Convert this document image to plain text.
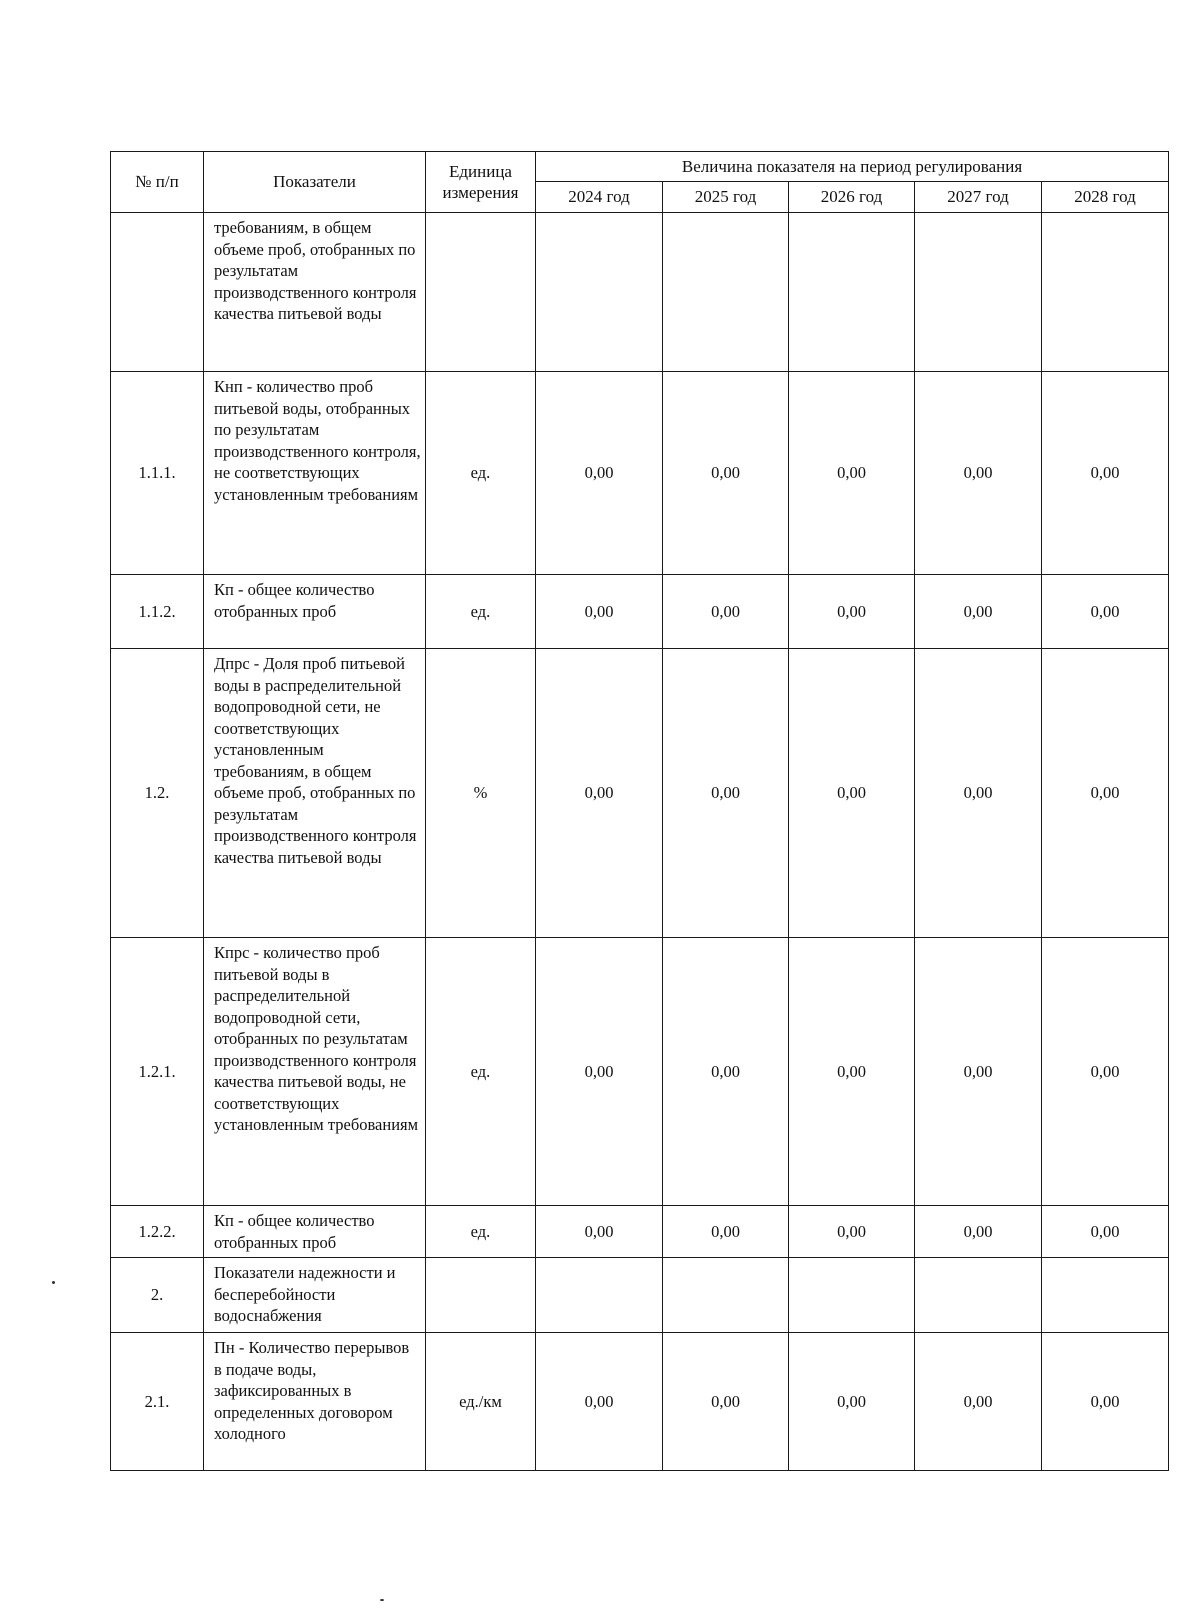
№ п/п	Показатели	Единица измерения	Величина показателя на период регулирования				
			2024 год	2025 год	2026 год	2027 год	2028 год
	требованиям, в общем объеме проб, отобранных по результатам производственного контроля качества питьевой воды						
1.1.1.	Кнп - количество проб питьевой воды, отобранных по результатам производственного контроля, не соответствующих установленным требованиям	ед.	0,00	0,00	0,00	0,00	0,00
1.1.2.	Кп - общее количество отобранных проб	ед.	0,00	0,00	0,00	0,00	0,00
1.2.	Дпрс - Доля проб питьевой воды в распределительной водопроводной сети, не соответствующих установленным требованиям, в общем объеме проб, отобранных по результатам производственного контроля качества питьевой воды	%	0,00	0,00	0,00	0,00	0,00
1.2.1.	Кпрс - количество проб питьевой воды в распределительной водопроводной сети, отобранных по результатам производственного контроля качества питьевой воды, не соответствующих установленным требованиям	ед.	0,00	0,00	0,00	0,00	0,00
1.2.2.	Кп - общее количество отобранных проб	ед.	0,00	0,00	0,00	0,00	0,00
2.	Показатели надежности и бесперебойности водоснабжения						
2.1.	Пн - Количество перерывов в подаче воды, зафиксированных в определенных договором холодного	ед./км	0,00	0,00	0,00	0,00	0,00
